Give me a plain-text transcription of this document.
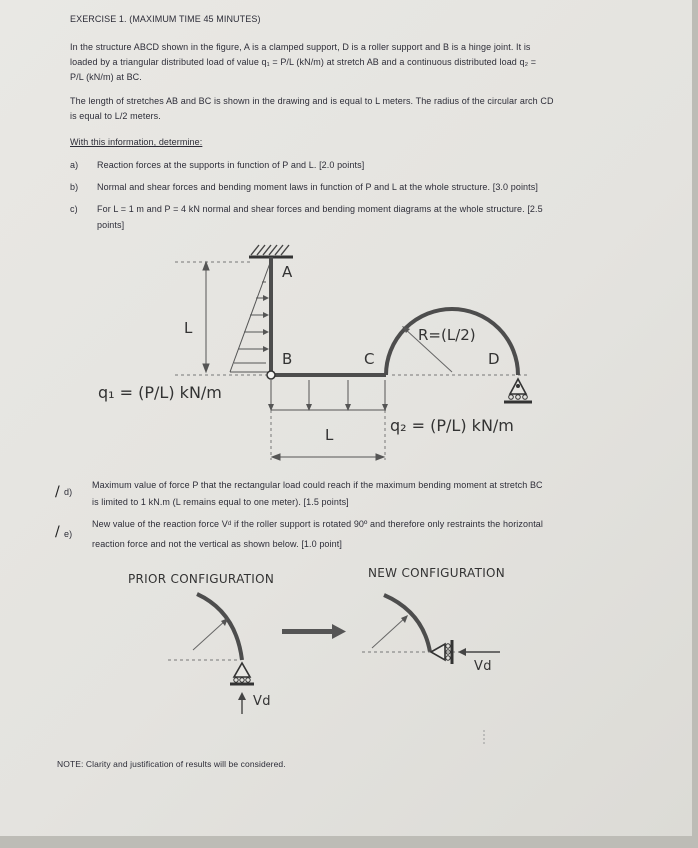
EXERCISE 1. (MAXIMUM TIME 45 MINUTES)
In the structure ABCD shown in the figure, A is a clamped support, D is a roller support and B is a hinge joint. It is
loaded by a triangular distributed load of value q₁ = P/L (kN/m) at stretch AB and a continuous distributed load q₂ =
P/L (kN/m) at BC.
The length of stretches AB and BC is shown in the drawing and is equal to L meters. The radius of the circular arch CD
is equal to L/2 meters.
With this information, determine:
a) Reaction forces at the supports in function of P and L. [2.0 points]
b) Normal and shear forces and bending moment laws in function of P and L at the whole structure. [3.0 points]
c) For L = 1 m and P = 4 kN normal and shear forces and bending moment diagrams at the whole structure. [2.5
points]
A
B	C	D
L
L
R=(L/2)
q₁ = (P/L) kN/m
q₂ = (P/L) kN/m
/
/
d)
Maximum value of force P that the rectangular load could reach if the maximum bending moment at stretch BC
is limited to 1 kN.m (L remains equal to one meter). [1.5 points]
e)
New value of the reaction force Vᵈ if the roller support is rotated 90º and therefore only restraints the horizontal
reaction force and not the vertical as shown below. [1.0 point]
PRIOR CONFIGURATION	NEW CONFIGURATION
Vd
Vd
NOTE: Clarity and justification of results will be considered.
